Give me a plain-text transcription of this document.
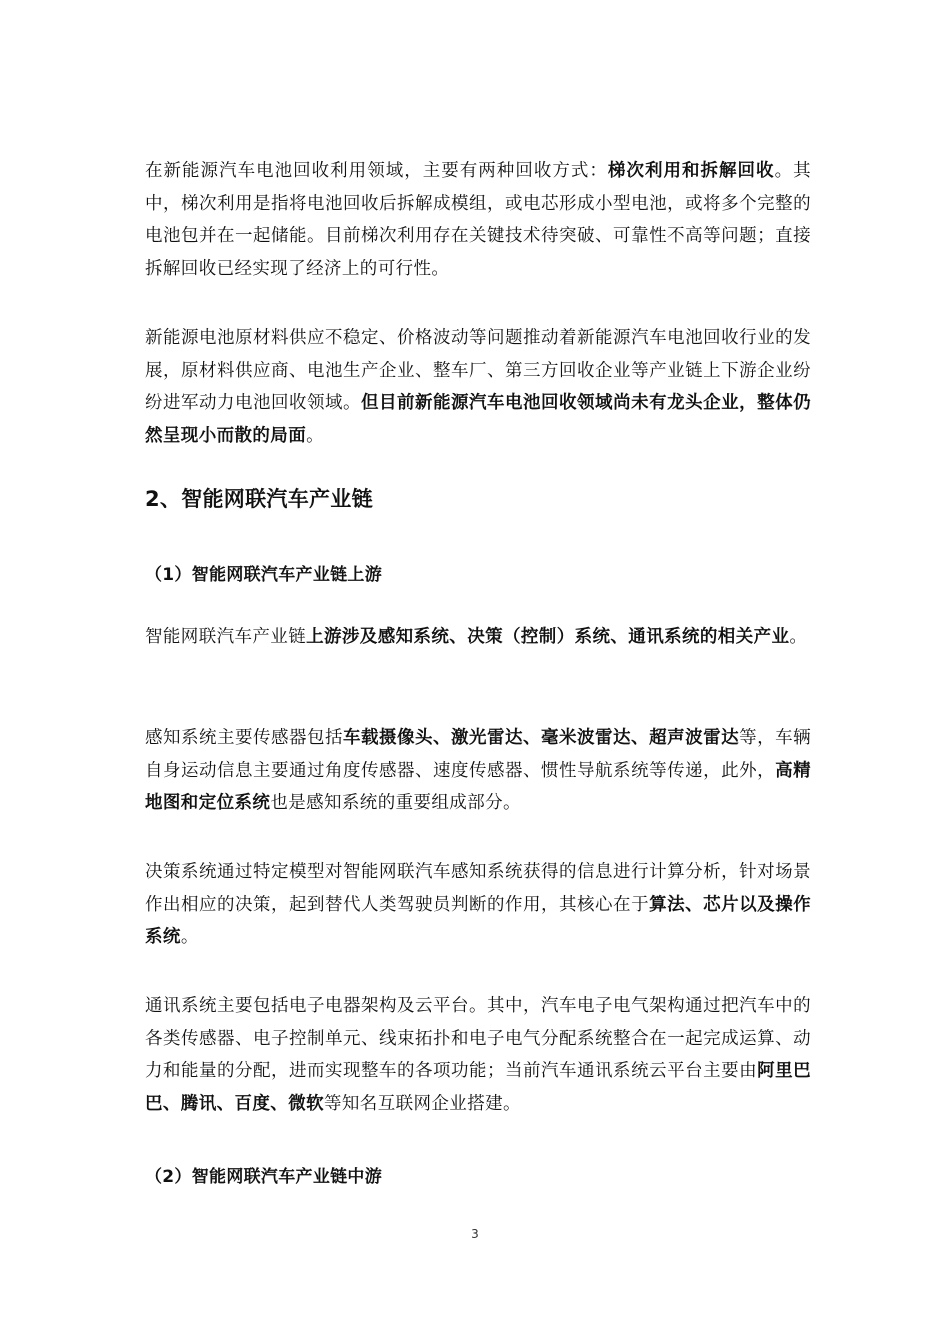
在新能源汽车电池回收利用领域，主要有两种回收方式：梯次利用和拆解回收。其中，梯次利用是指将电池回收后拆解成模组，或电芯形成小型电池，或将多个完整的电池包并在一起储能。目前梯次利用存在关键技术待突破、可靠性不高等问题；直接拆解回收已经实现了经济上的可行性。

新能源电池原材料供应不稳定、价格波动等问题推动着新能源汽车电池回收行业的发展，原材料供应商、电池生产企业、整车厂、第三方回收企业等产业链上下游企业纷纷进军动力电池回收领域。但目前新能源汽车电池回收领域尚未有龙头企业，整体仍然呈现小而散的局面。

2、智能网联汽车产业链
（1）智能网联汽车产业链上游

智能网联汽车产业链上游涉及感知系统、决策（控制）系统、通讯系统的相关产业。

感知系统主要传感器包括车载摄像头、激光雷达、毫米波雷达、超声波雷达等，车辆自身运动信息主要通过角度传感器、速度传感器、惯性导航系统等传递，此外，高精地图和定位系统也是感知系统的重要组成部分。

决策系统通过特定模型对智能网联汽车感知系统获得的信息进行计算分析，针对场景作出相应的决策，起到替代人类驾驶员判断的作用，其核心在于算法、芯片以及操作系统。

通讯系统主要包括电子电器架构及云平台。其中，汽车电子电气架构通过把汽车中的各类传感器、电子控制单元、线束拓扑和电子电气分配系统整合在一起完成运算、动力和能量的分配，进而实现整车的各项功能；当前汽车通讯系统云平台主要由阿里巴巴、腾讯、百度、微软等知名互联网企业搭建。

（2）智能网联汽车产业链中游
3
